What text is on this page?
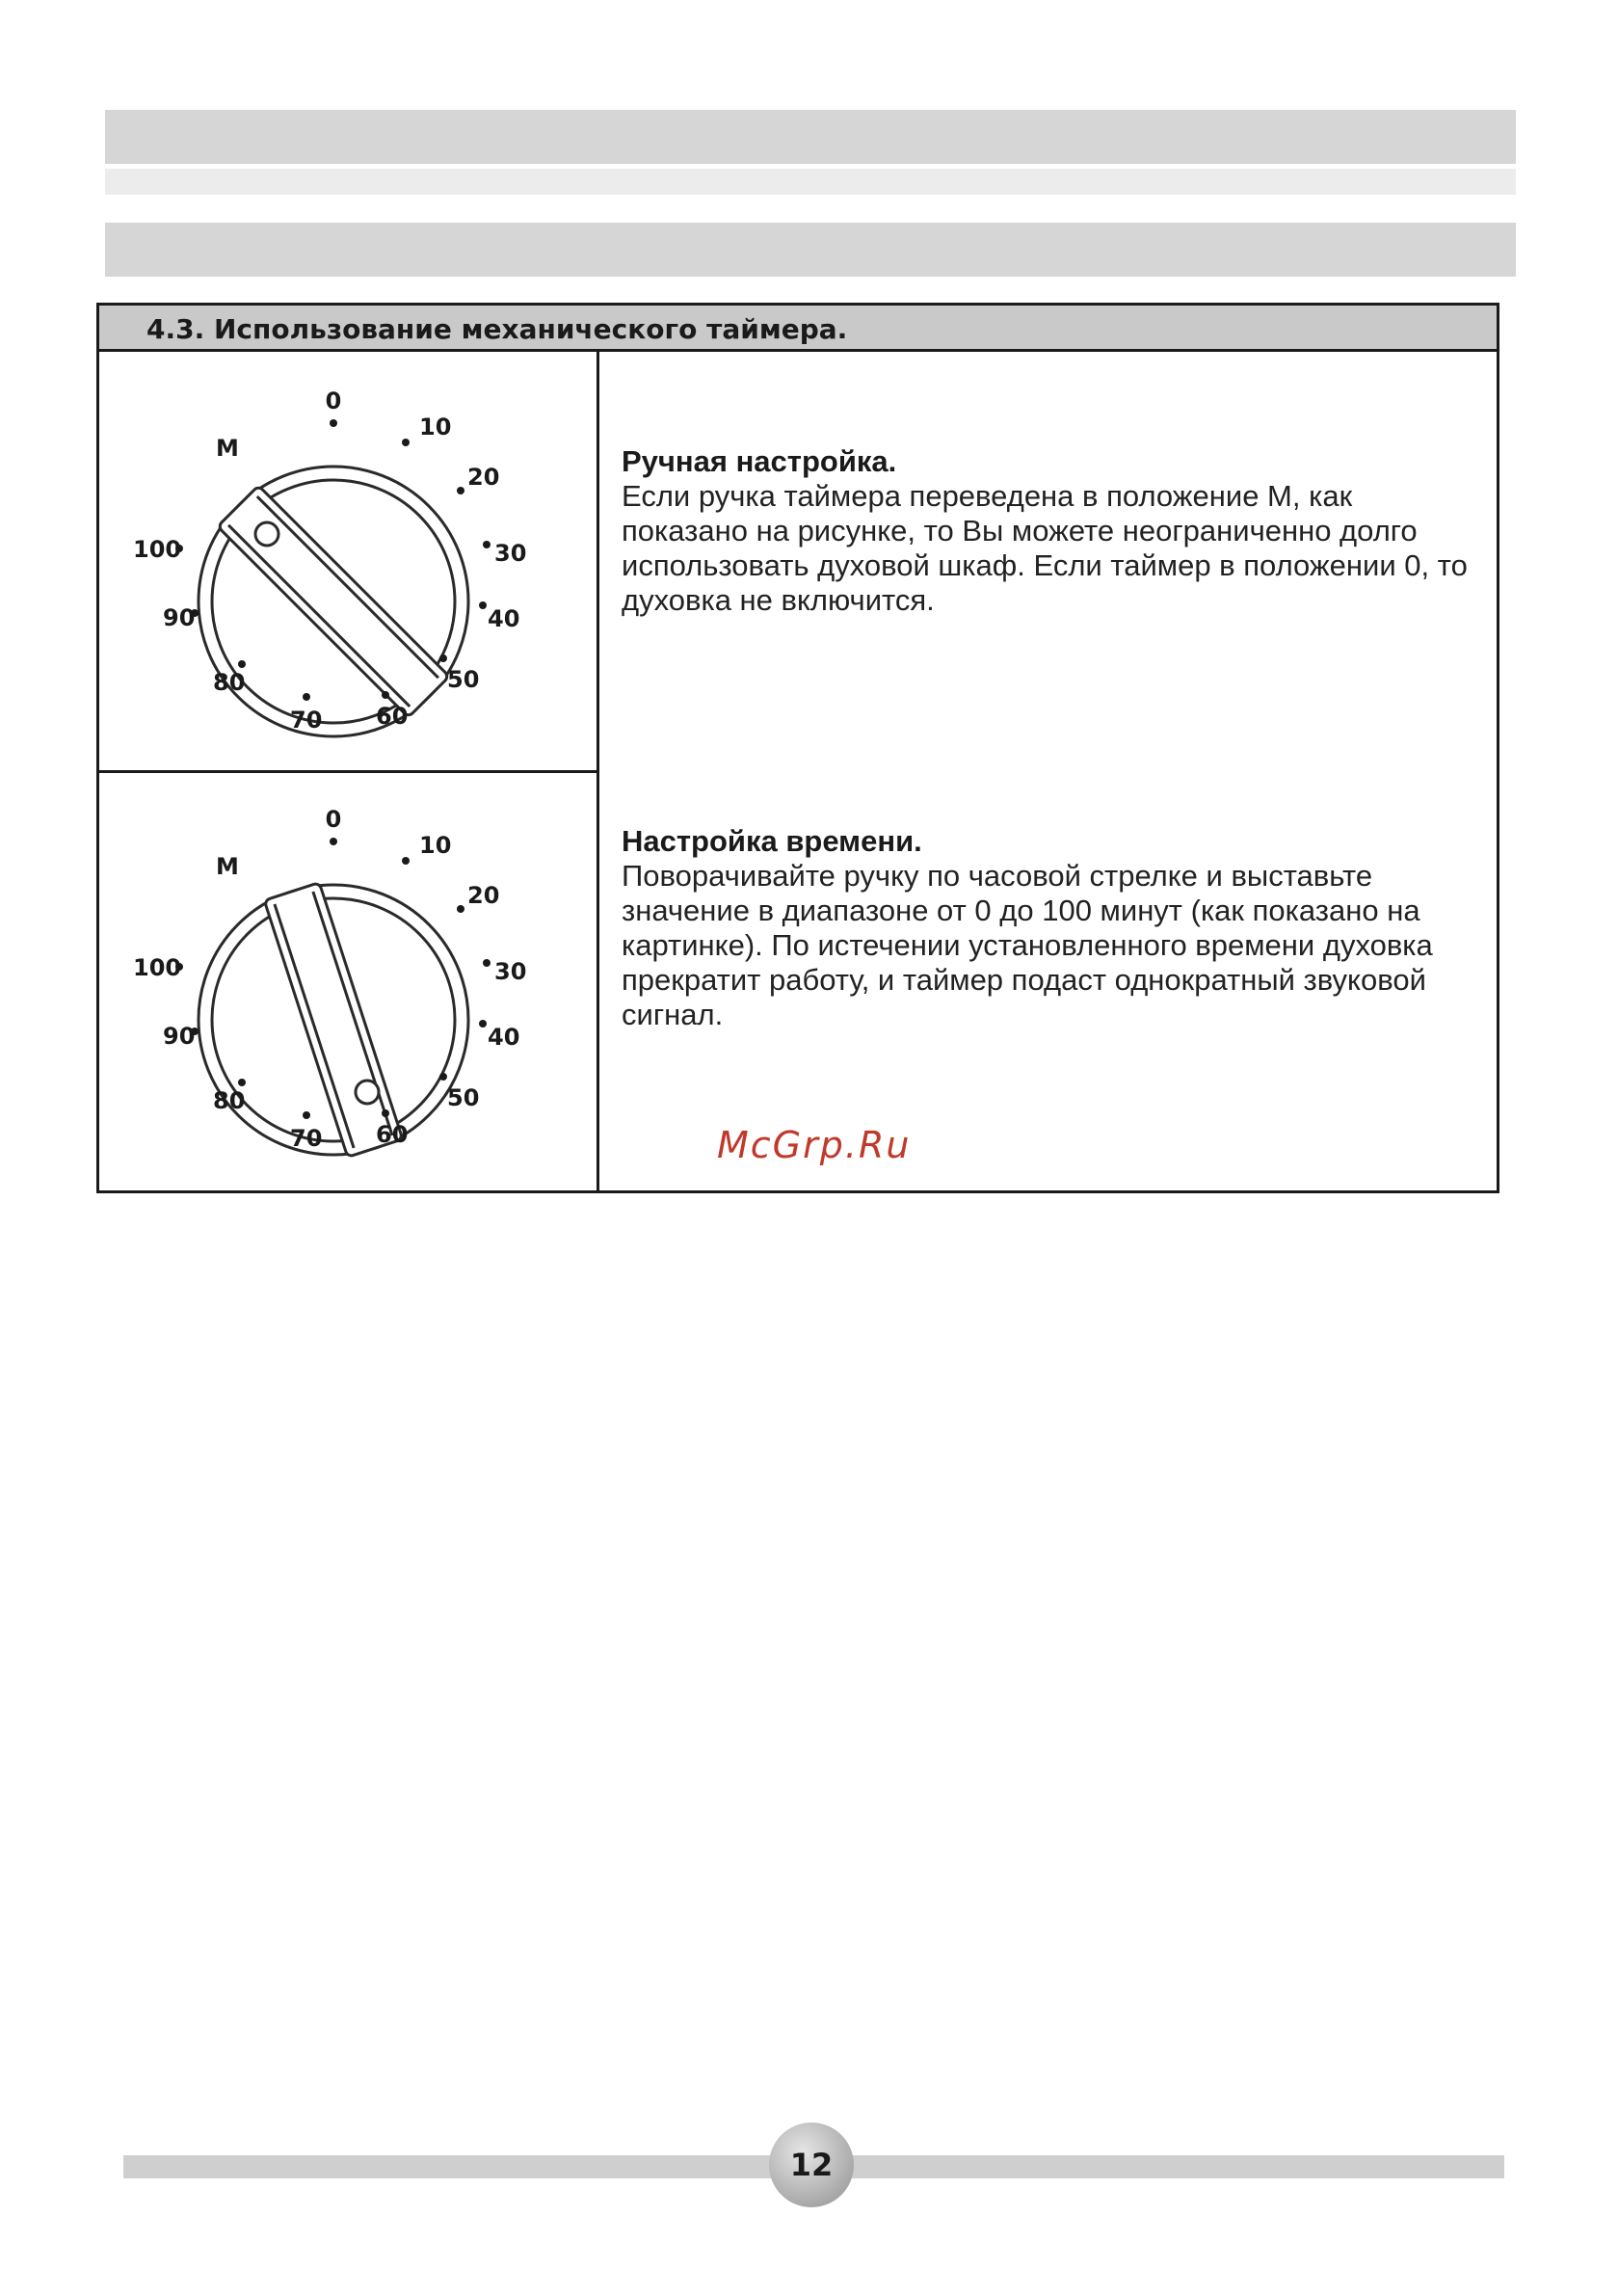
4.3. Использование механического таймера.
0
M
10
20
30
40
50
60
70
80
90
100
0
M
10
20
30
40
50
60
70
80
90
100
Ручная настройка.

Если ручка таймера переведена в положение М, как показано на рисунке, то Вы можете неограниченно долго использовать духовой шкаф. Если таймер в положении 0, то духовка не включится.

Настройка времени.

Поворачивайте ручку по часовой стрелке и выставьте значение в диапазоне от 0 до 100 минут (как показано на картинке). По истечении установленного времени духовка прекратит работу, и таймер подаст однократный звуковой сигнал.

McGrp.Ru
12
